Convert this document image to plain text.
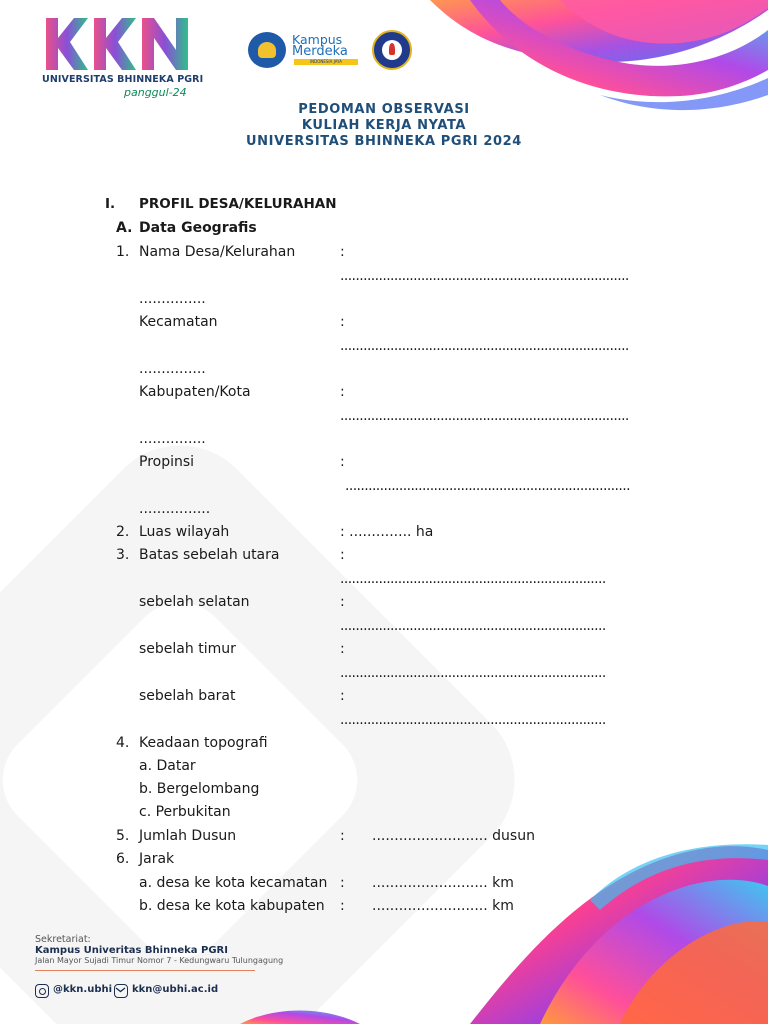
UNIVERSITAS BHINNEKA PGRI
panggul-24
Kampus
Merdeka
INDONESIA JAYA
PEDOMAN OBSERVASI
KULIAH KERJA NYATA
UNIVERSITAS BHINNEKA PGRI 2024
I. PROFIL DESA/KELURAHAN
A. Data Geografis
1. Nama Desa/Kelurahan	:
...........................................................................
...............
Kecamatan	:
...........................................................................
...............
Kabupaten/Kota	:
...........................................................................
...............
Propinsi	:
..........................................................................
................
2. Luas wilayah	: .............. ha
3. Batas sebelah utara	:
.....................................................................
sebelah selatan	:
.....................................................................
sebelah timur	:
.....................................................................
sebelah barat	:
.....................................................................
4. Keadaan topografi
a. Datar
b. Bergelombang
c. Perbukitan
5. Jumlah Dusun	: .......................... dusun
6. Jarak
a. desa ke kota kecamatan : .......................... km
b. desa ke kota kabupaten : .......................... km
Sekretariat:
Kampus Univeritas Bhinneka PGRI
Jalan Mayor Sujadi Timur Nomor 7 - Kedungwaru Tulungagung
@kkn.ubhi kkn@ubhi.ac.id
